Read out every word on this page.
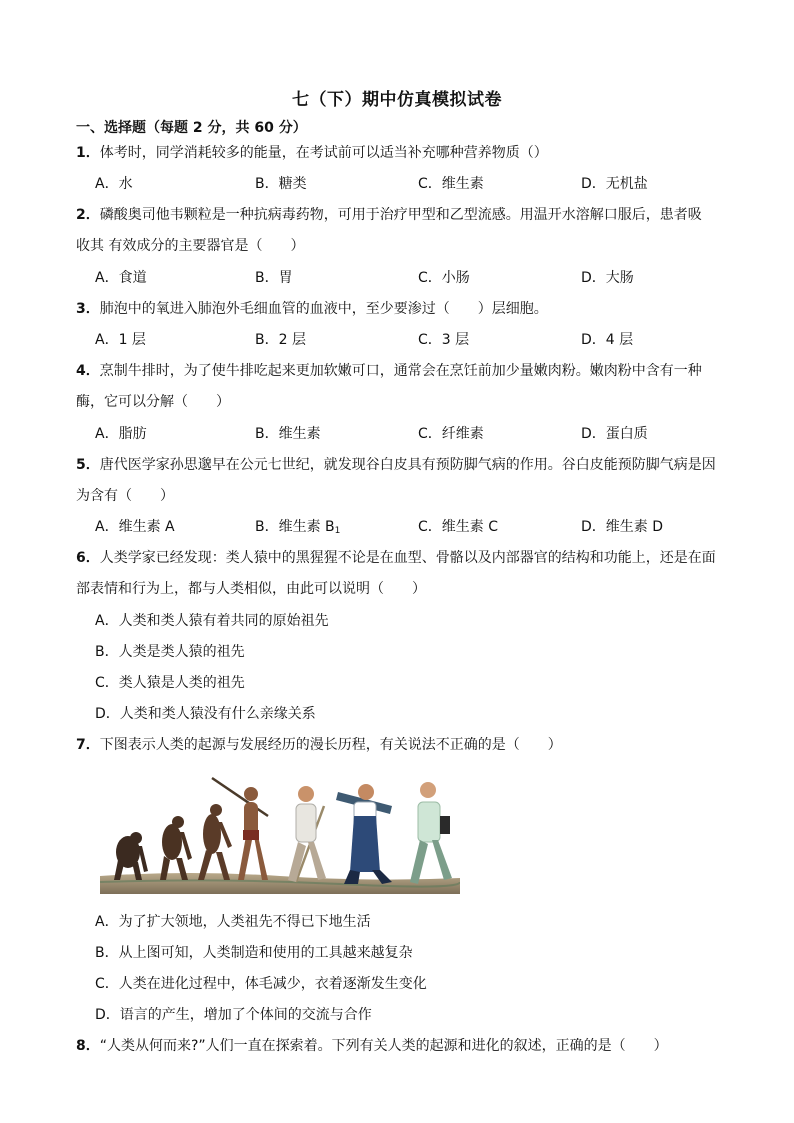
七（下）期中仿真模拟试卷
一、选择题（每题 2 分，共 60 分）
1．体考时，同学消耗较多的能量，在考试前可以适当补充哪种营养物质（）
A．水	B．糖类	C．维生素	D．无机盐
2．磷酸奥司他韦颗粒是一种抗病毒药物，可用于治疗甲型和乙型流感。用温开水溶解口服后，患者吸
收其 有效成分的主要器官是（　　）
A．食道	B．胃	C．小肠	D．大肠
3．肺泡中的氧进入肺泡外毛细血管的血液中，至少要渗过（　　）层细胞。
A．1 层	B．2 层	C．3 层	D．4 层
4．烹制牛排时，为了使牛排吃起来更加软嫩可口，通常会在烹饪前加少量嫩肉粉。嫩肉粉中含有一种
酶，它可以分解（　　）
A．脂肪	B．维生素	C．纤维素	D．蛋白质
5．唐代医学家孙思邈早在公元七世纪，就发现谷白皮具有预防脚气病的作用。谷白皮能预防脚气病是因
为含有（　　）
A．维生素 A	B．维生素 $B_1$	C．维生素 C	D．维生素 D
6．人类学家已经发现：类人猿中的黑猩猩不论是在血型、骨骼以及内部器官的结构和功能上，还是在面
部表情和行为上，都与人类相似，由此可以说明（　　）
A．人类和类人猿有着共同的原始祖先
B．人类是类人猿的祖先
C．类人猿是人类的祖先
D．人类和类人猿没有什么亲缘关系
7．下图表示人类的起源与发展经历的漫长历程，有关说法不正确的是（　　）
A．为了扩大领地，人类祖先不得已下地生活
B．从上图可知，人类制造和使用的工具越来越复杂
C．人类在进化过程中，体毛减少，衣着逐渐发生变化
D．语言的产生，增加了个体间的交流与合作
8．“人类从何而来?”人们一直在探索着。下列有关人类的起源和进化的叙述，正确的是（　　）
